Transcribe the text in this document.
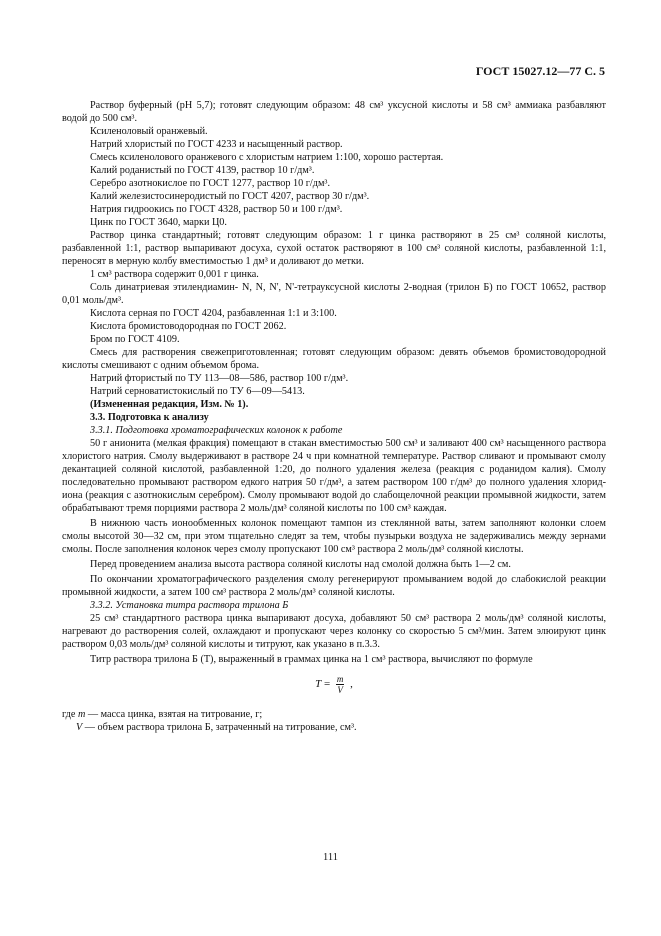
ГОСТ 15027.12—77 С. 5

Раствор буферный (рН 5,7); готовят следующим образом: 48 см³ уксусной кислоты и 58 см³ аммиака разбавляют водой до 500 см³.

Ксиленоловый оранжевый.

Натрий хлористый по ГОСТ 4233 и насыщенный раствор.

Смесь ксиленолового оранжевого с хлористым натрием 1:100, хорошо растертая.

Калий роданистый по ГОСТ 4139, раствор 10 г/дм³.

Серебро азотнокислое по ГОСТ 1277, раствор 10 г/дм³.

Калий железистосинеродистый по ГОСТ 4207, раствор 30 г/дм³.

Натрия гидроокись по ГОСТ 4328, раствор 50 и 100 г/дм³.

Цинк по ГОСТ 3640, марки Ц0.

Раствор цинка стандартный; готовят следующим образом: 1 г цинка растворяют в 25 см³ соляной кислоты, разбавленной 1:1, раствор выпаривают досуха, сухой остаток растворяют в 100 см³ соляной кислоты, разбавленной 1:1, переносят в мерную колбу вместимостью 1 дм³ и доливают до метки.

1 см³ раствора содержит 0,001 г цинка.

Соль динатриевая этилендиамин- N, N, N', N'-тетрауксусной кислоты 2-водная (трилон Б) по ГОСТ 10652, раствор 0,01 моль/дм³.

Кислота серная по ГОСТ 4204, разбавленная 1:1 и 3:100.

Кислота бромистоводородная по ГОСТ 2062.

Бром по ГОСТ 4109.

Смесь для растворения свежеприготовленная; готовят следующим образом: девять объемов бромистоводородной кислоты смешивают с одним объемом брома.

Натрий фтористый по ТУ 113—08—586, раствор 100 г/дм³.

Натрий серноватистокислый по ТУ 6—09—5413.

(Измененная редакция, Изм. № 1).

3.3. Подготовка к анализу

3.3.1. Подготовка хроматографических колонок к работе

50 г анионита (мелкая фракция) помещают в стакан вместимостью 500 см³ и заливают 400 см³ насыщенного раствора хлористого натрия. Смолу выдерживают в растворе 24 ч при комнатной температуре. Раствор сливают и промывают смолу декантацией соляной кислотой, разбавленной 1:20, до полного удаления железа (реакция с роданидом калия). Смолу последовательно промывают раствором едкого натрия 50 г/дм³, а затем раствором 100 г/дм³ до полного удаления хлорид-иона (реакция с азотнокислым серебром). Смолу промывают водой до слабощелочной реакции промывной жидкости, затем обрабатывают тремя порциями раствора 2 моль/дм³ соляной кислоты по 100 см³ каждая.

В нижнюю часть ионообменных колонок помещают тампон из стеклянной ваты, затем заполняют колонки слоем смолы высотой 30—32 см, при этом тщательно следят за тем, чтобы пузырьки воздуха не задерживались между зернами смолы. После заполнения колонок через смолу пропускают 100 см³ раствора 2 моль/дм³ соляной кислоты.

Перед проведением анализа высота раствора соляной кислоты над смолой должна быть 1—2 см.

По окончании хроматографического разделения смолу регенерируют промыванием водой до слабокислой реакции промывной жидкости, а затем 100 см³ раствора 2 моль/дм³ соляной кислоты.

3.3.2. Установка титра раствора трилона Б

25 см³ стандартного раствора цинка выпаривают досуха, добавляют 50 см³ раствора 2 моль/дм³ соляной кислоты, нагревают до растворения солей, охлаждают и пропускают через колонку со скоростью 5 см³/мин. Затем элюируют цинк раствором 0,03 моль/дм³ соляной кислоты и титруют, как указано в п.3.3.

Титр раствора трилона Б (Т), выраженный в граммах цинка на 1 см³ раствора, вычисляют по формуле

$T = \frac{m}{V}$ ,

где m — масса цинка, взятая на титрование, г;

V — объем раствора трилона Б, затраченный на титрование, см³.

111
